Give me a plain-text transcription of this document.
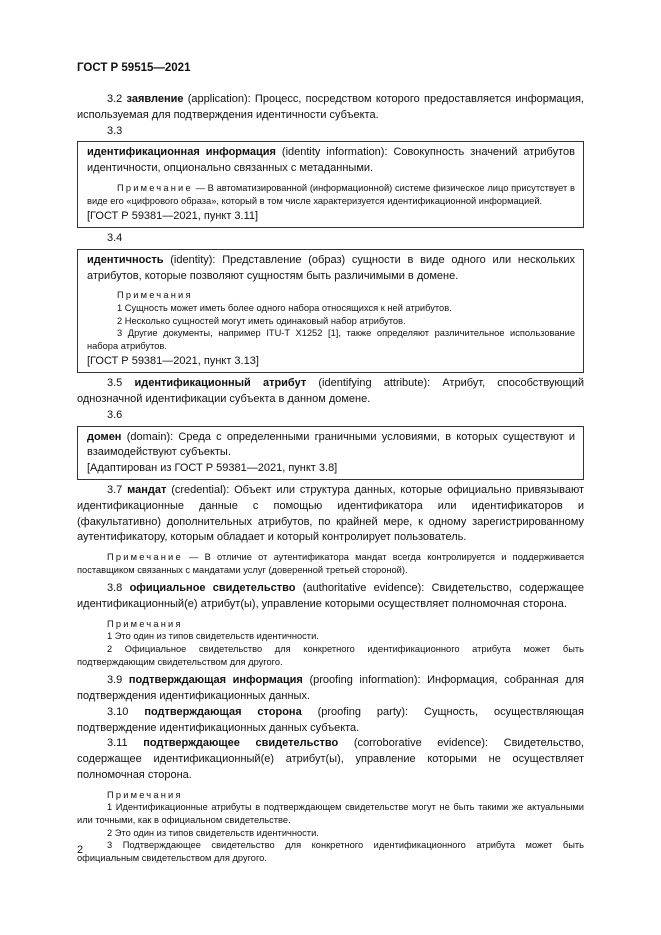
ГОСТ Р 59515—2021

3.2 заявление (application): Процесс, посредством которого предоставляется информация, используемая для подтверждения идентичности субъекта.

3.3

идентификационная информация (identity information): Совокупность значений атрибутов идентичности, опционально связанных с метаданными.

Примечание — В автоматизированной (информационной) системе физическое лицо присутствует в виде его «цифрового образа», который в том числе характеризуется идентификационной информацией.

[ГОСТ Р 59381—2021, пункт 3.11]

3.4

идентичность (identity): Представление (образ) сущности в виде одного или нескольких атрибутов, которые позволяют сущностям быть различимыми в домене.

Примечания

1 Сущность может иметь более одного набора относящихся к ней атрибутов.

2 Несколько сущностей могут иметь одинаковый набор атрибутов.

3 Другие документы, например ITU-T X1252 [1], также определяют различительное использование набора атрибутов.

[ГОСТ Р 59381—2021, пункт 3.13]

3.5 идентификационный атрибут (identifying attribute): Атрибут, способствующий однозначной идентификации субъекта в данном домене.

3.6

домен (domain): Среда с определенными граничными условиями, в которых существуют и взаимодействуют субъекты.

[Адаптирован из ГОСТ Р 59381—2021, пункт 3.8]

3.7 мандат (credential): Объект или структура данных, которые официально привязывают идентификационные данные с помощью идентификатора или идентификаторов и (факультативно) дополнительных атрибутов, по крайней мере, к одному зарегистрированному аутентификатору, которым обладает и который контролирует пользователь.

Примечание — В отличие от аутентификатора мандат всегда контролируется и поддерживается поставщиком связанных с мандатами услуг (доверенной третьей стороной).

3.8 официальное свидетельство (authoritative evidence): Свидетельство, содержащее идентификационный(е) атрибут(ы), управление которыми осуществляет полномочная сторона.

Примечания

1 Это один из типов свидетельств идентичности.

2 Официальное свидетельство для конкретного идентификационного атрибута может быть подтверждающим свидетельством для другого.

3.9 подтверждающая информация (proofing information): Информация, собранная для подтверждения идентификационных данных.

3.10 подтверждающая сторона (proofing party): Сущность, осуществляющая подтверждение идентификационных данных субъекта.

3.11 подтверждающее свидетельство (corroborative evidence): Свидетельство, содержащее идентификационный(е) атрибут(ы), управление которыми не осуществляет полномочная сторона.

Примечания

1 Идентификационные атрибуты в подтверждающем свидетельстве могут не быть такими же актуальными или точными, как в официальном свидетельстве.

2 Это один из типов свидетельств идентичности.

3 Подтверждающее свидетельство для конкретного идентификационного атрибута может быть официальным свидетельством для другого.

2
